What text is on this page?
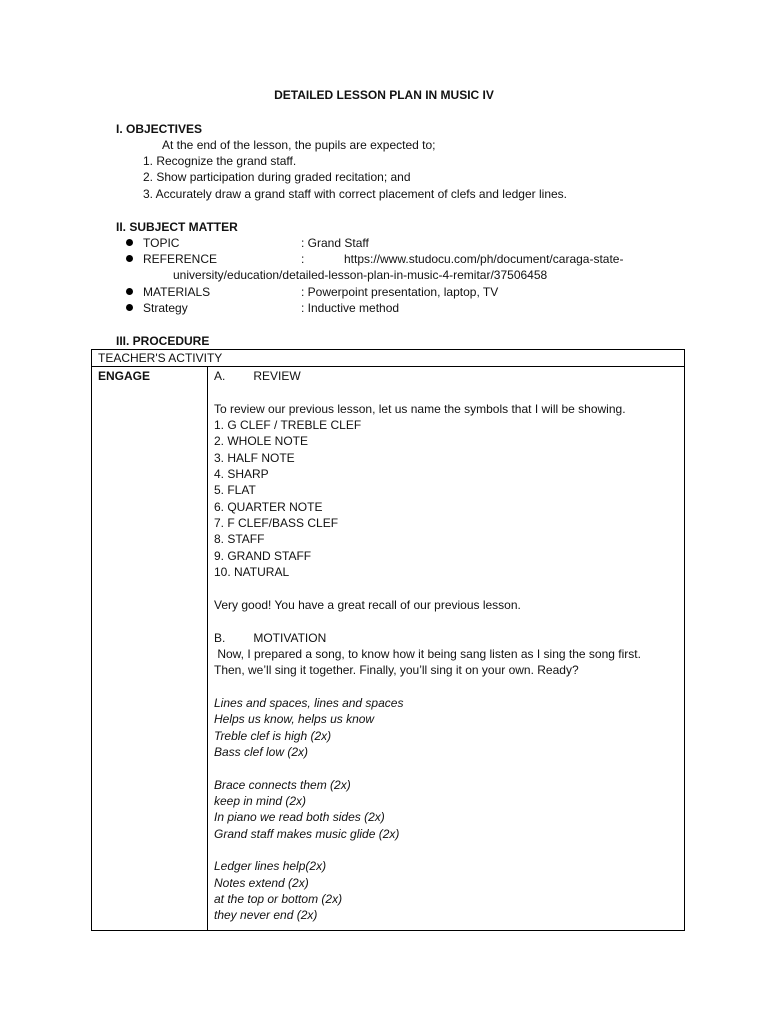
DETAILED LESSON PLAN IN MUSIC IV
I. OBJECTIVES
At the end of the lesson, the pupils are expected to;
1. Recognize the grand staff.
2. Show participation during graded recitation; and
3. Accurately draw a grand staff with correct placement of clefs and ledger lines.
II. SUBJECT MATTER
TOPIC	: Grand Staff
REFERENCE	:	https://www.studocu.com/ph/document/caraga-state-
university/education/detailed-lesson-plan-in-music-4-remitar/37506458
MATERIALS	: Powerpoint presentation, laptop, TV
Strategy	: Inductive method
III. PROCEDURE
TEACHER'S ACTIVITY
ENGAGE	A. REVIEW
To review our previous lesson, let us name the symbols that I will be showing.
1. G CLEF / TREBLE CLEF
2. WHOLE NOTE
3. HALF NOTE
4. SHARP
5. FLAT
6. QUARTER NOTE
7. F CLEF/BASS CLEF
8. STAFF
9. GRAND STAFF
10. NATURAL
Very good! You have a great recall of our previous lesson.
B. MOTIVATION
Now, I prepared a song, to know how it being sang listen as I sing the song first.
Then, we’ll sing it together. Finally, you’ll sing it on your own. Ready?
Lines and spaces, lines and spaces
Helps us know, helps us know
Treble clef is high (2x)
Bass clef low (2x)
Brace connects them (2x)
keep in mind (2x)
In piano we read both sides (2x)
Grand staff makes music glide (2x)
Ledger lines help(2x)
Notes extend (2x)
at the top or bottom (2x)
they never end (2x)
